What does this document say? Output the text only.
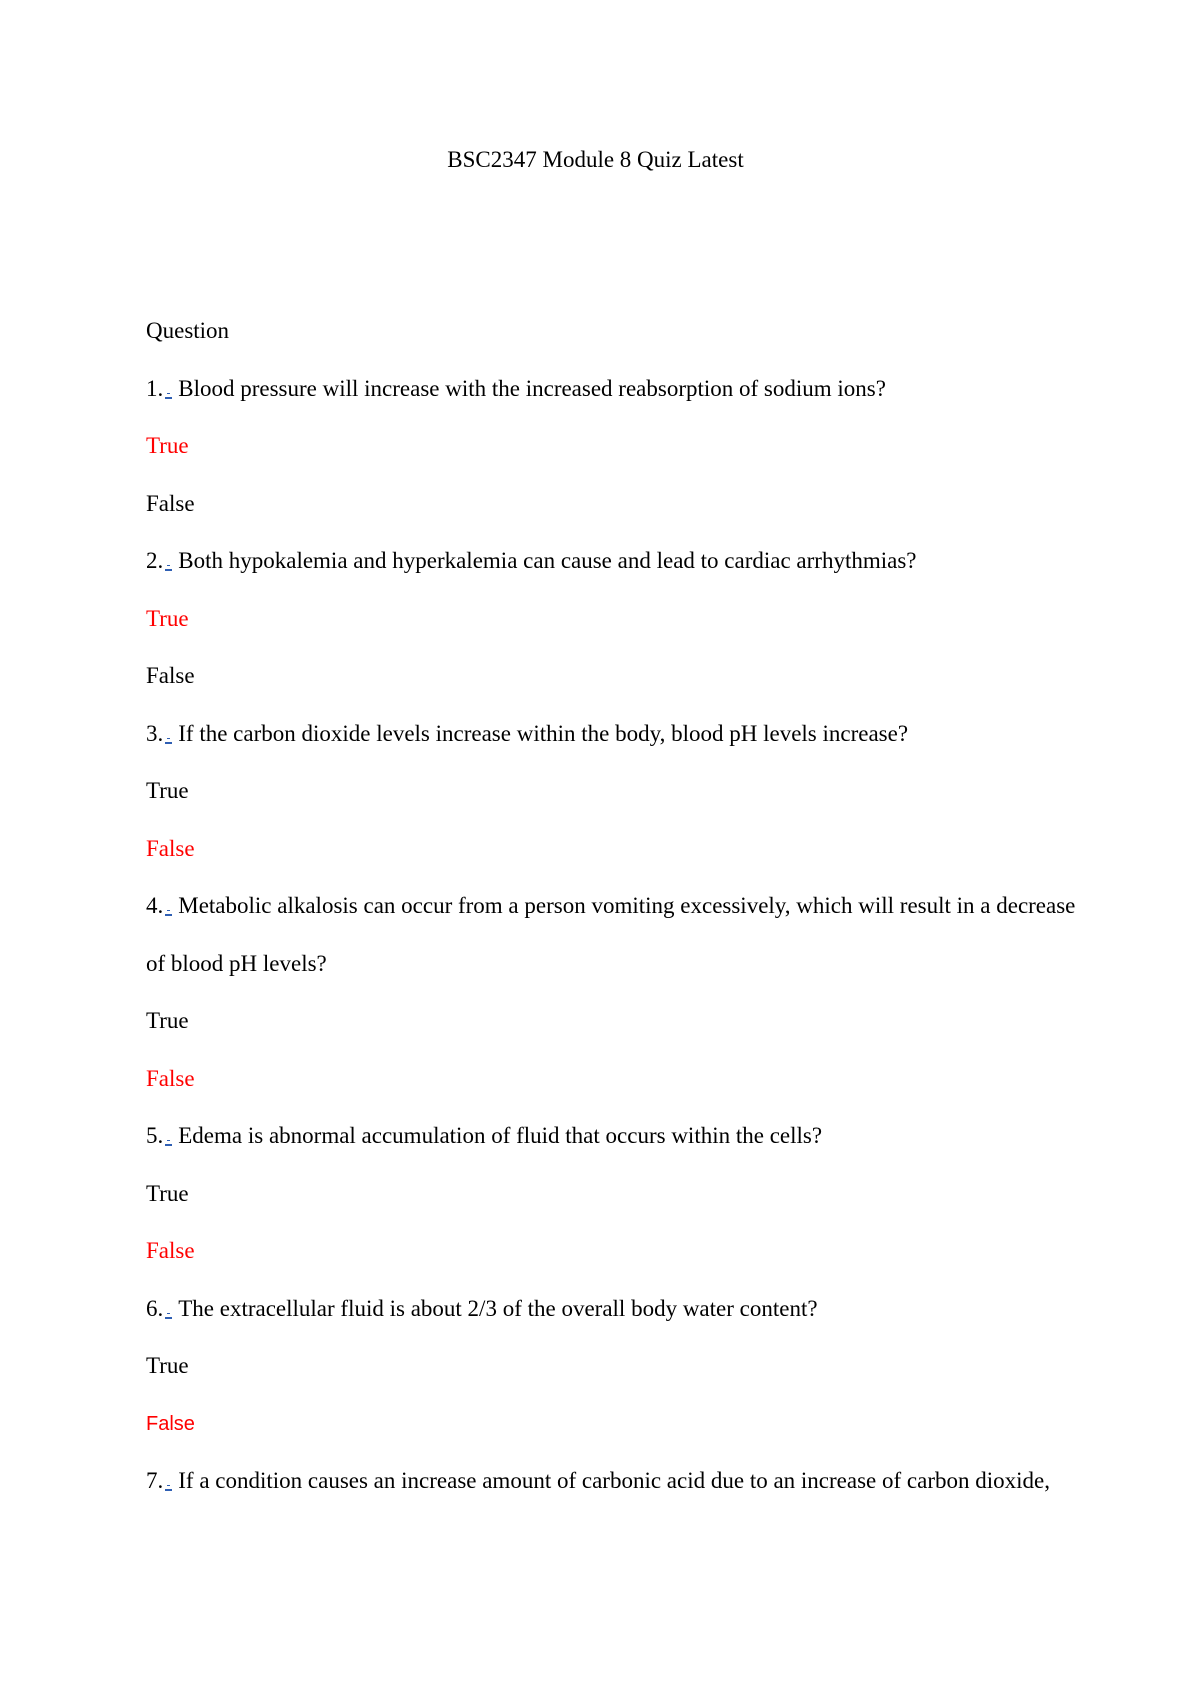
BSC2347 Module 8 Quiz Latest
Question
1. Blood pressure will increase with the increased reabsorption of sodium ions?
True
False
2. Both hypokalemia and hyperkalemia can cause and lead to cardiac arrhythmias?
True
False
3. If the carbon dioxide levels increase within the body, blood pH levels increase?
True
False
4. Metabolic alkalosis can occur from a person vomiting excessively, which will result in a decrease
of blood pH levels?
True
False
5. Edema is abnormal accumulation of fluid that occurs within the cells?
True
False
6. The extracellular fluid is about 2/3 of the overall body water content?
True
False
7. If a condition causes an increase amount of carbonic acid due to an increase of carbon dioxide,
